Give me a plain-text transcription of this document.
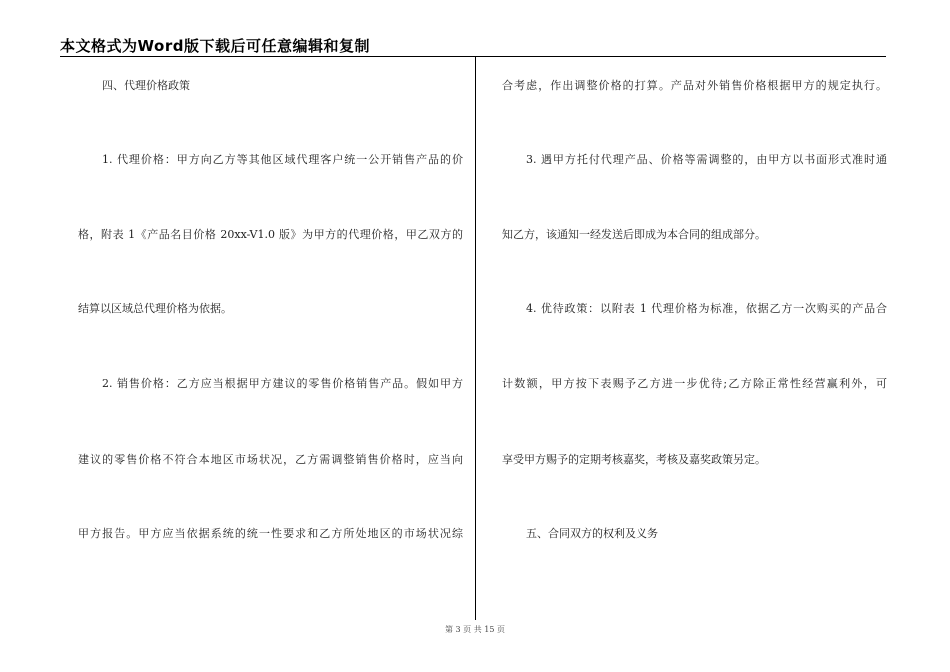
本文格式为Word版下载后可任意编辑和复制
四、代理价格政策
1. 代理价格：甲方向乙方等其他区域代理客户统一公开销售产品的价
格，附表 1《产品名目价格 20xx-V1.0 版》为甲方的代理价格，甲乙双方的
结算以区域总代理价格为依据。
2. 销售价格：乙方应当根据甲方建议的零售价格销售产品。假如甲方
建议的零售价格不符合本地区市场状况，乙方需调整销售价格时，应当向
甲方报告。甲方应当依据系统的统一性要求和乙方所处地区的市场状况综
合考虑，作出调整价格的打算。产品对外销售价格根据甲方的规定执行。
3. 遇甲方托付代理产品、价格等需调整的，由甲方以书面形式准时通
知乙方，该通知一经发送后即成为本合同的组成部分。
4. 优待政策：以附表 1 代理价格为标准，依据乙方一次购买的产品合
计数额，甲方按下表赐予乙方进一步优待;乙方除正常性经营赢利外，可
享受甲方赐予的定期考核嘉奖，考核及嘉奖政策另定。
五、合同双方的权利及义务
第 3 页 共 15 页
